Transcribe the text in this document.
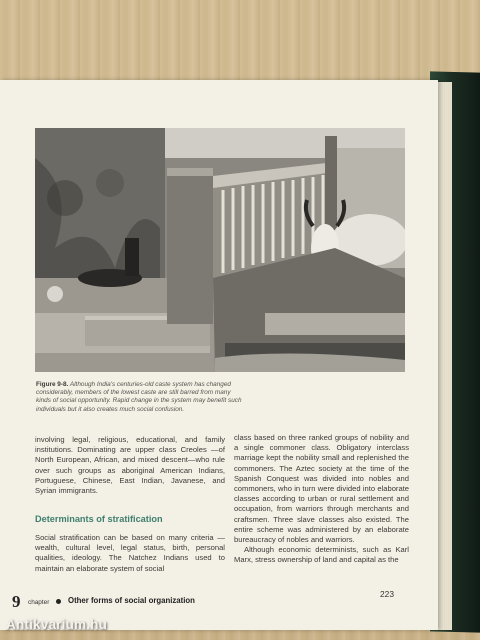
Figure 9-8. Although India's centuries-old caste system has changed considerably, members of the lowest caste are still barred from many kinds of social opportunity. Rapid change in the system may benefit such individuals but it also creates much social confusion.
involving legal, religious, educational, and family institutions. Dominating are upper class Creoles —of North European, African, and mixed descent—who rule over such groups as aboriginal American Indians, Portuguese, Chinese, East Indian, Javanese, and Syrian immigrants.
Determinants of stratification
Social stratification can be based on many criteria —wealth, cultural level, legal status, birth, personal qualities, ideology. The Natchez Indians used to maintain an elaborate system of social
class based on three ranked groups of nobility and a single commoner class. Obligatory interclass marriage kept the nobility small and replenished the commoners. The Aztec society at the time of the Spanish Conquest was divided into nobles and commoners, who in turn were divided into elaborate classes according to urban or rural settlement and occupation, from warriors through merchants and craftsmen. Three slave classes also existed. The entire scheme was administered by an elaborate bureaucracy of nobles and warriors.
Although economic determinists, such as Karl Marx, stress ownership of land and capital as the
223
9 chapter Other forms of social organization
Antikvarium.hu
